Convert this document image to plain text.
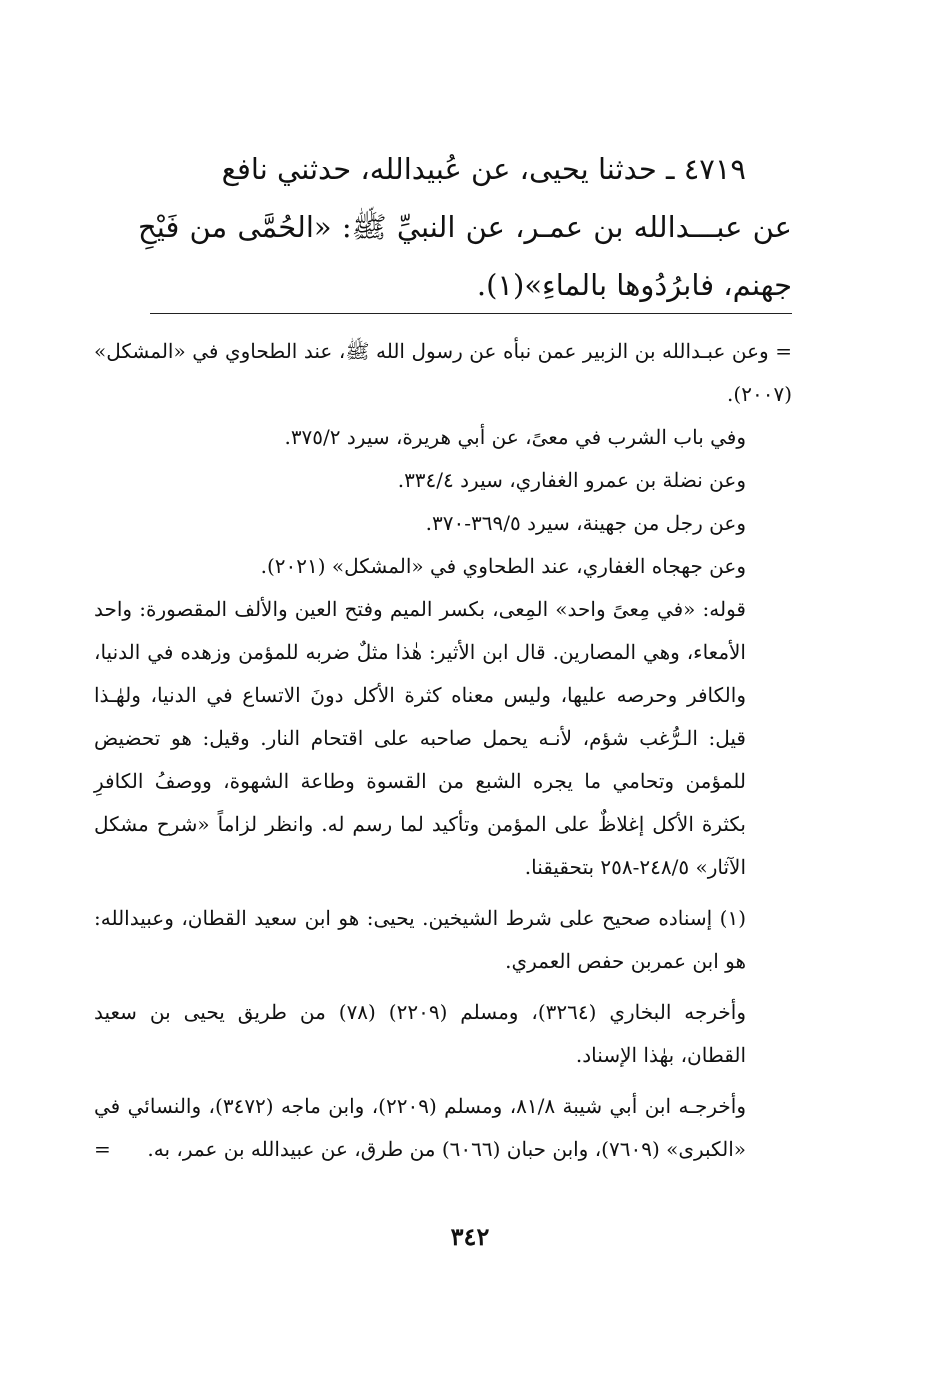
٤٧١٩ ـ حدثنا يحيى، عن عُبيدالله، حدثني نافع
عن عبـــدالله بن عمـر، عن النبيِّ ﷺ: «الحُمَّى من فَيْحِ جهنم، فابرُدُوها بالماءِ»(١).

= وعن عبـدالله بن الزبير عمن نبأه عن رسول الله ﷺ، عند الطحاوي في «المشكل» (٢٠٠٧).

وفي باب الشرب في معىً، عن أبي هريرة، سيرد ٣٧٥/٢.

وعن نضلة بن عمرو الغفاري، سيرد ٣٣٤/٤.

وعن رجل من جهينة، سيرد ٣٦٩/٥-٣٧٠.

وعن جهجاه الغفاري، عند الطحاوي في «المشكل» (٢٠٢١).

قوله: «في مِعىً واحد» المِعى، بكسر الميم وفتح العين والألف المقصورة: واحد الأمعاء، وهي المصارين. قال ابن الأثير: هٰذا مثلٌ ضربه للمؤمن وزهده في الدنيا، والكافر وحرصه عليها، وليس معناه كثرة الأكل دونَ الاتساع في الدنيا، ولهٰـذا قيل: الـرُّغب شؤم، لأنـه يحمل صاحبه على اقتحام النار. وقيل: هو تحضيض للمؤمن وتحامي ما يجره الشبع من القسوة وطاعة الشهوة، ووصفُ الكافرِ بكثرة الأكل إغلاظٌ على المؤمن وتأكيد لما رسم له. وانظر لزاماً «شرح مشكل الآثار» ٢٤٨/٥-٢٥٨ بتحقيقنا.

(١) إسناده صحيح على شرط الشيخين. يحيى: هو ابن سعيد القطان، وعبيدالله: هو ابن عمربن حفص العمري.

وأخرجه البخاري (٣٢٦٤)، ومسلم (٢٢٠٩) (٧٨) من طريق يحيى بن سعيد القطان، بهٰذا الإسناد.

وأخرجـه ابن أبي شيبة ٨١/٨، ومسلم (٢٢٠٩)، وابن ماجه (٣٤٧٢)، والنسائي في «الكبرى» (٧٦٠٩)، وابن حبان (٦٠٦٦) من طرق، عن عبيدالله بن عمر، به.
=

٣٤٢
